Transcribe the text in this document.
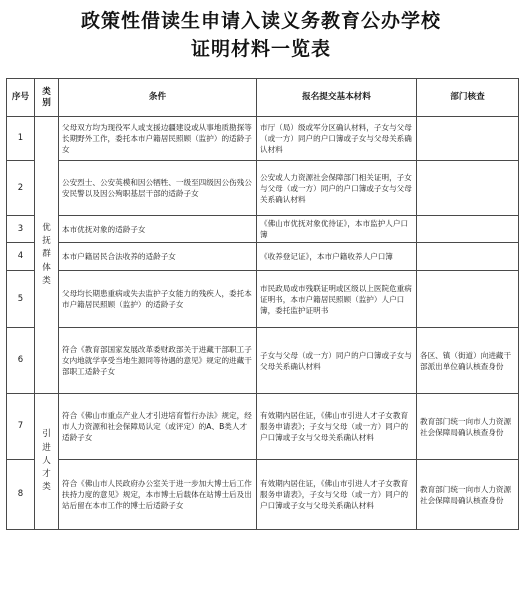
政策性借读生申请入读义务教育公办学校
证明材料一览表
序号	类别	条件	报名提交基本材料	部门核查
1	优抚群体类	父母双方均为现役军人或支援边疆建设或从事地质勘探等长期野外工作，委托本市户籍居民照顾（监护）的适龄子女	市厅（局）级或军分区确认材料，子女与父母（或一方）同户的户口簿或子女与父母关系确认材料	
2		公安烈士、公安英模和因公牺牲、一级至四级因公伤残公安民警以及因公殉职基层干部的适龄子女	公安或人力资源社会保障部门相关证明，子女与父母（或一方）同户的户口簿或子女与父母关系确认材料	
3		本市优抚对象的适龄子女	《佛山市优抚对象优待证》，本市监护人户口簿	
4		本市户籍居民合法收养的适龄子女	《收养登记证》，本市户籍收养人户口簿	
5		父母均长期患重病或失去监护子女能力的残疾人，委托本市户籍居民照顾（监护）的适龄子女	市民政局或市残联证明或区级以上医院危重病证明书，本市户籍居民照顾（监护）人户口簿，委托监护证明书	
6		符合《教育部国家发展改革委财政部关于进藏干部职工子女内地就学享受当地生源同等待遇的意见》规定的进藏干部职工适龄子女	子女与父母（或一方）同户的户口簿或子女与父母关系确认材料	各区、镇（街道）向进藏干部派出单位确认核查身份
7	引进人才类	符合《佛山市重点产业人才引进培育暂行办法》规定，经市人力资源和社会保障局认定（或评定）的A、B类人才适龄子女	有效期内居住证，《佛山市引进人才子女教育服务申请表》；子女与父母（或一方）同户的户口簿或子女与父母关系确认材料	教育部门统一向市人力资源社会保障局确认核查身份
8		符合《佛山市人民政府办公室关于进一步加大博士后工作扶持力度的意见》规定，本市博士后载体在站博士后及出站后留在本市工作的博士后适龄子女	有效期内居住证，《佛山市引进人才子女教育服务申请表》，子女与父母（或一方）同户的户口簿或子女与父母关系确认材料	教育部门统一向市人力资源社会保障局确认核查身份
